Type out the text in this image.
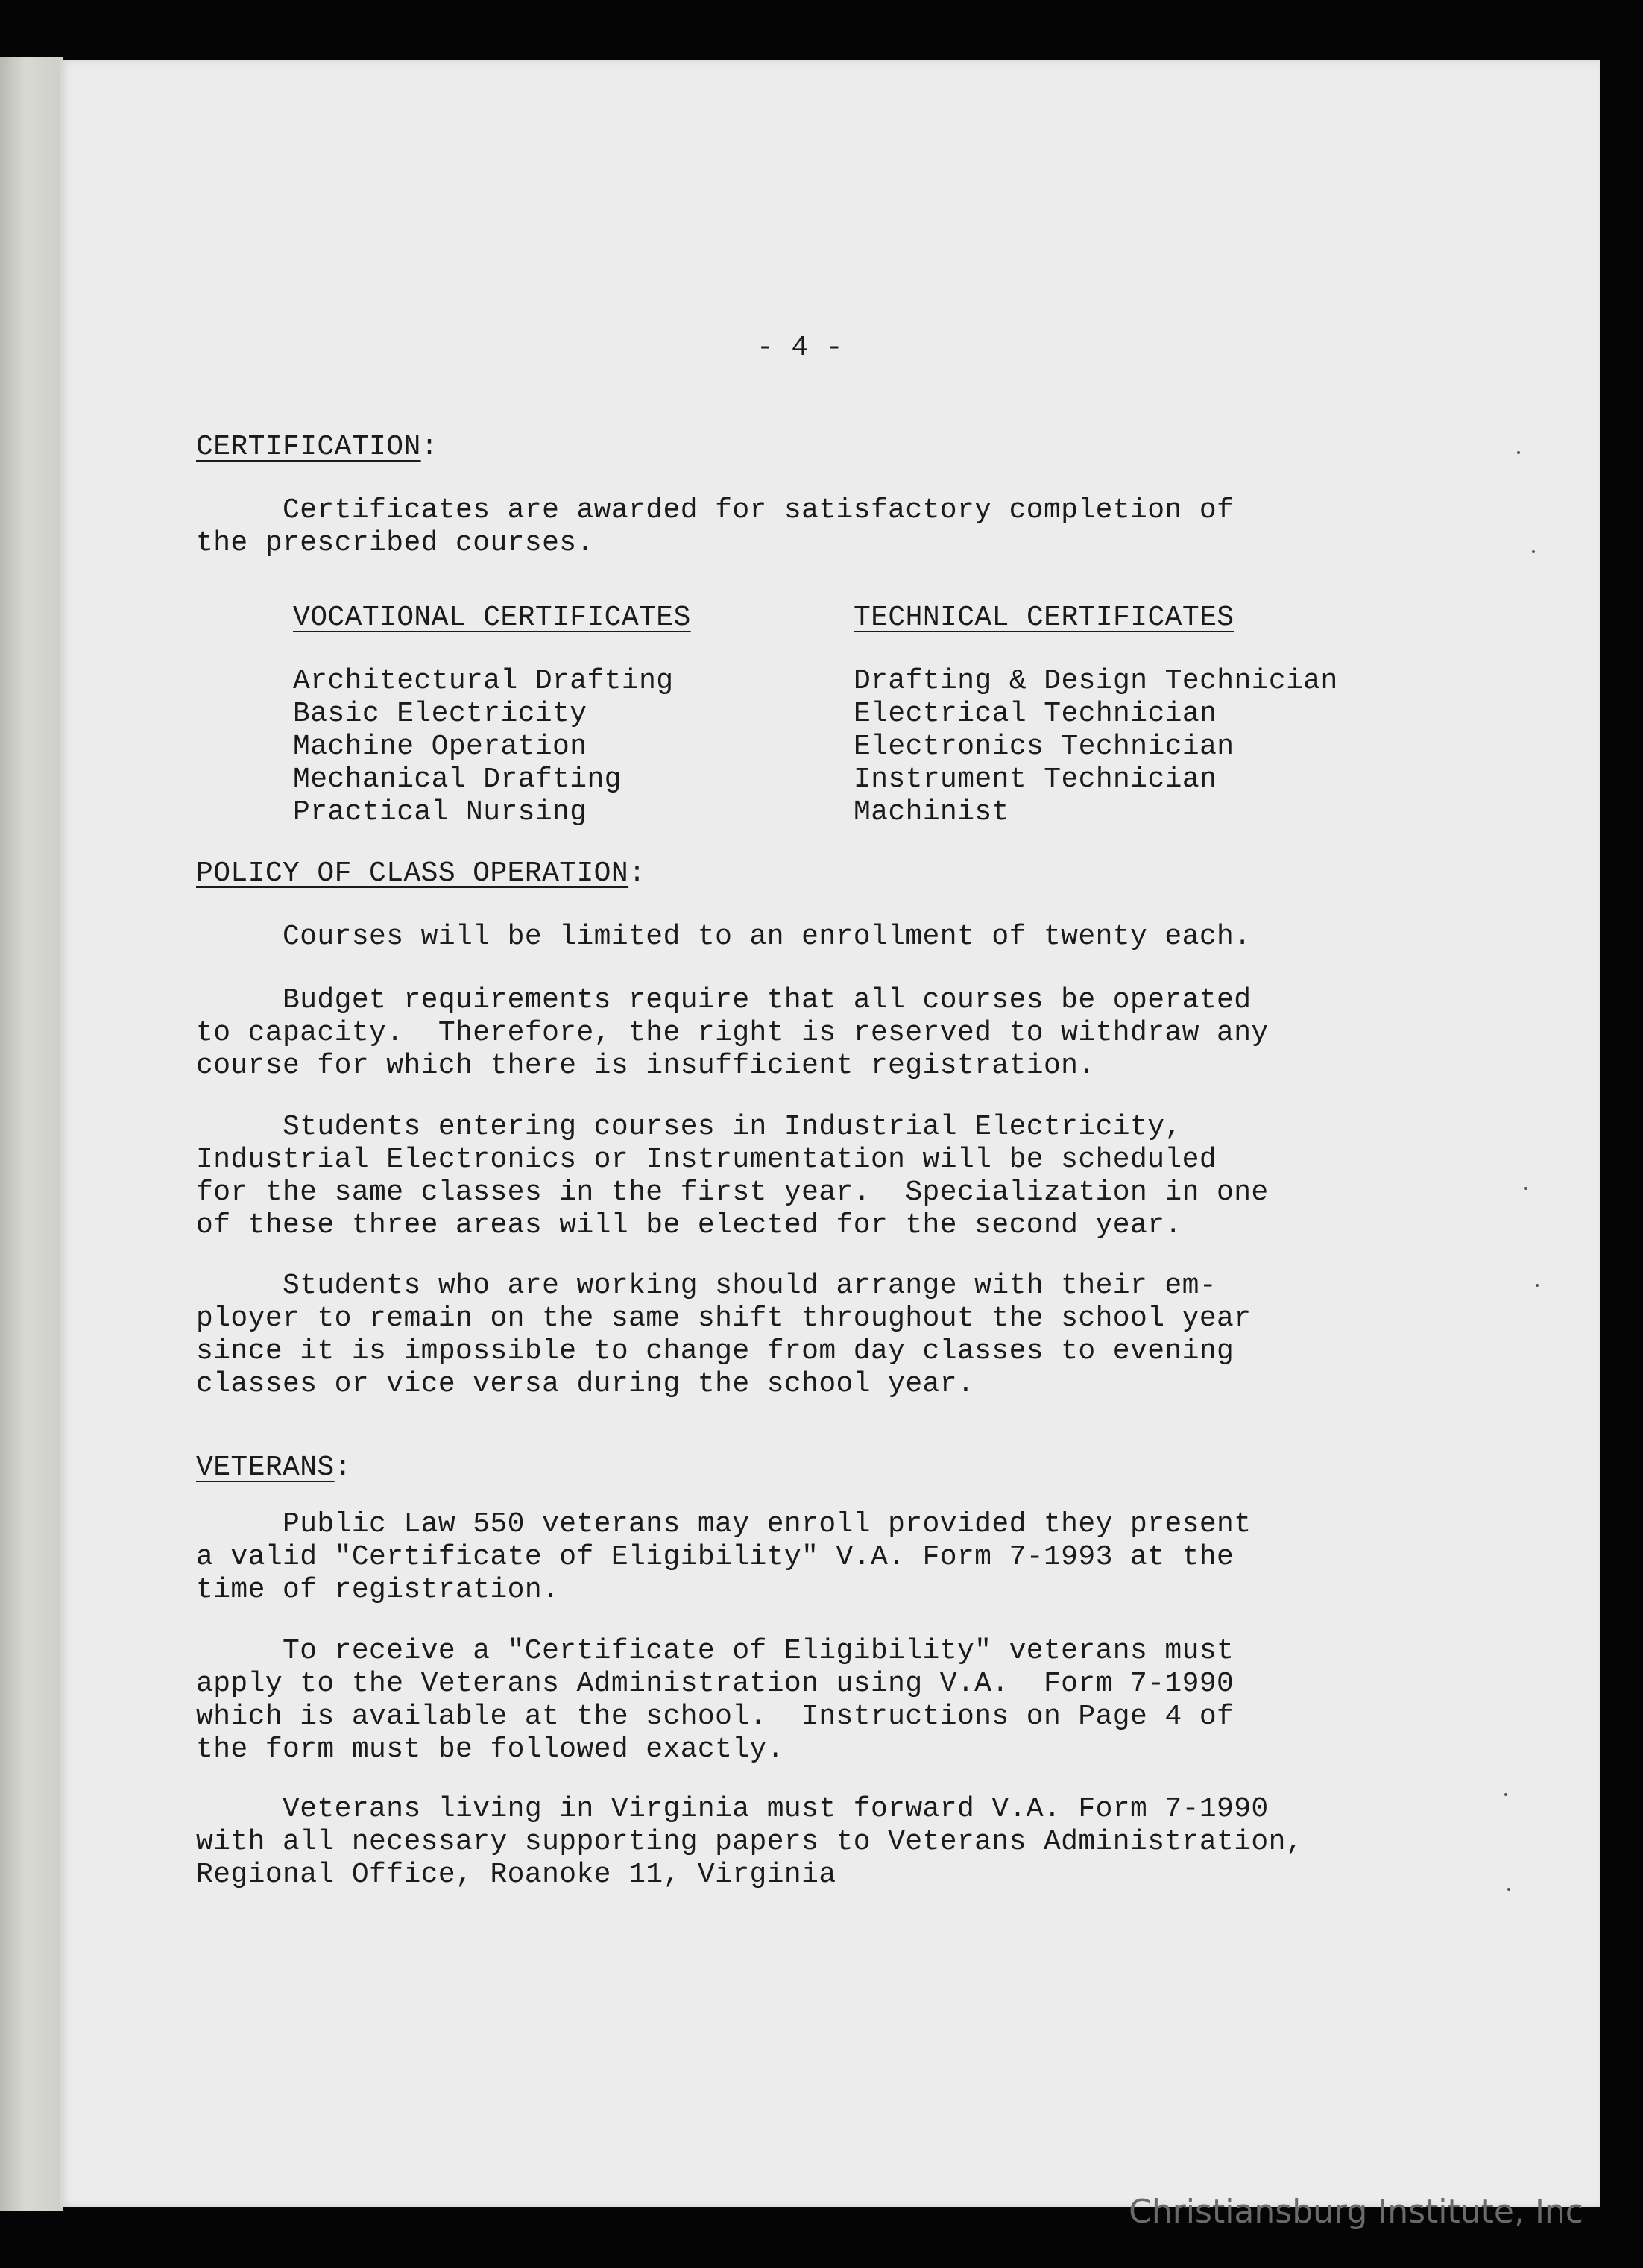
- 4 -
CERTIFICATION:
Certificates are awarded for satisfactory completion of
the prescribed courses.
VOCATIONAL CERTIFICATES	TECHNICAL CERTIFICATES
Architectural Drafting
Basic Electricity
Machine Operation
Mechanical Drafting
Practical Nursing
Drafting & Design Technician
Electrical Technician
Electronics Technician
Instrument Technician
Machinist
POLICY OF CLASS OPERATION:
Courses will be limited to an enrollment of twenty each.
Budget requirements require that all courses be operated
to capacity.  Therefore, the right is reserved to withdraw any
course for which there is insufficient registration.
Students entering courses in Industrial Electricity,
Industrial Electronics or Instrumentation will be scheduled
for the same classes in the first year.  Specialization in one
of these three areas will be elected for the second year.
Students who are working should arrange with their em-
ployer to remain on the same shift throughout the school year
since it is impossible to change from day classes to evening
classes or vice versa during the school year.
VETERANS:
Public Law 550 veterans may enroll provided they present
a valid "Certificate of Eligibility" V.A. Form 7-1993 at the
time of registration.
To receive a "Certificate of Eligibility" veterans must
apply to the Veterans Administration using V.A.  Form 7-1990
which is available at the school.  Instructions on Page 4 of
the form must be followed exactly.
Veterans living in Virginia must forward V.A. Form 7-1990
with all necessary supporting papers to Veterans Administration,
Regional Office, Roanoke 11, Virginia
Christiansburg Institute, Inc
